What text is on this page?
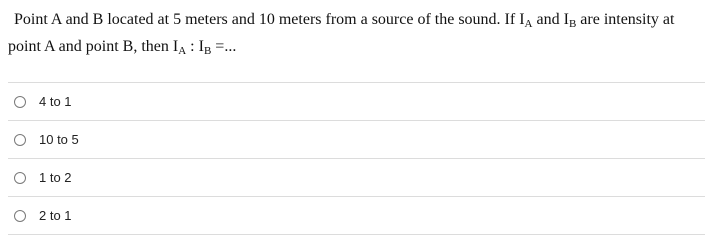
Point A and B located at 5 meters and 10 meters from a source of the sound. If $I_A$ and $I_B$ are intensity at
point A and point B, then $I_A$ : $I_B$ =...
4 to 1
10 to 5
1 to 2
2 to 1
